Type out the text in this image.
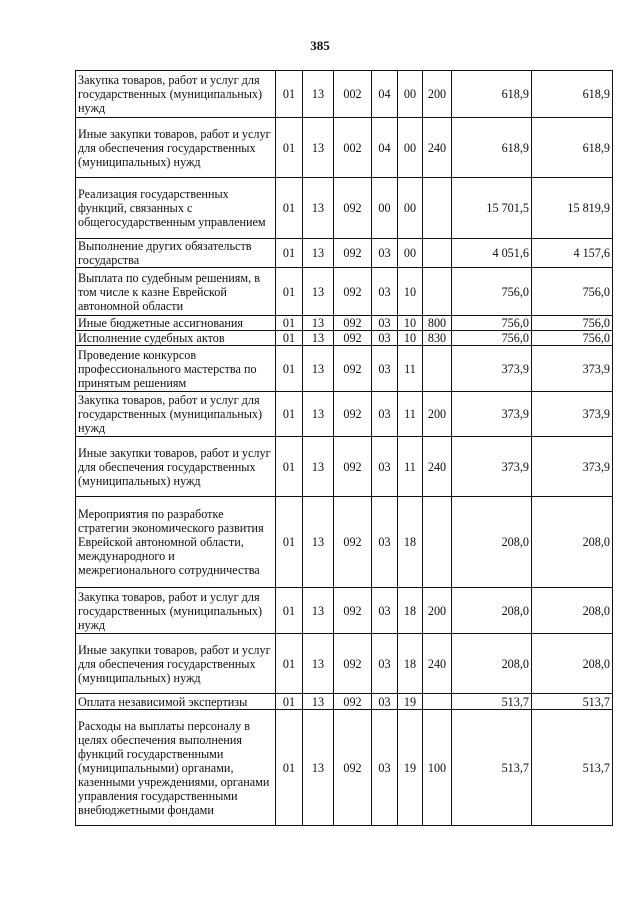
385
Закупка товаров, работ и услуг для государственных (муниципальных) нужд	01	13	002	04	00	200	618,9	618,9
Иные закупки товаров, работ и услуг для обеспечения государственных (муниципальных) нужд	01	13	002	04	00	240	618,9	618,9
Реализация государственных функций, связанных с общегосударственным управлением	01	13	092	00	00		15 701,5	15 819,9
Выполнение других обязательств государства	01	13	092	03	00		4 051,6	4 157,6
Выплата по судебным решениям, в том числе к казне Еврейской автономной области	01	13	092	03	10		756,0	756,0
Иные бюджетные ассигнования	01	13	092	03	10	800	756,0	756,0
Исполнение судебных актов	01	13	092	03	10	830	756,0	756,0
Проведение конкурсов профессионального мастерства по принятым решениям	01	13	092	03	11		373,9	373,9
Закупка товаров, работ и услуг для государственных (муниципальных) нужд	01	13	092	03	11	200	373,9	373,9
Иные закупки товаров, работ и услуг для обеспечения государственных (муниципальных) нужд	01	13	092	03	11	240	373,9	373,9
Мероприятия по разработке стратегии экономического развития Еврейской автономной области, международного и межрегионального сотрудничества	01	13	092	03	18		208,0	208,0
Закупка товаров, работ и услуг для государственных (муниципальных) нужд	01	13	092	03	18	200	208,0	208,0
Иные закупки товаров, работ и услуг для обеспечения государственных (муниципальных) нужд	01	13	092	03	18	240	208,0	208,0
Оплата независимой экспертизы	01	13	092	03	19		513,7	513,7
Расходы на выплаты персоналу в целях обеспечения выполнения функций государственными (муниципальными) органами, казенными учреждениями, органами управления государственными внебюджетными фондами	01	13	092	03	19	100	513,7	513,7
